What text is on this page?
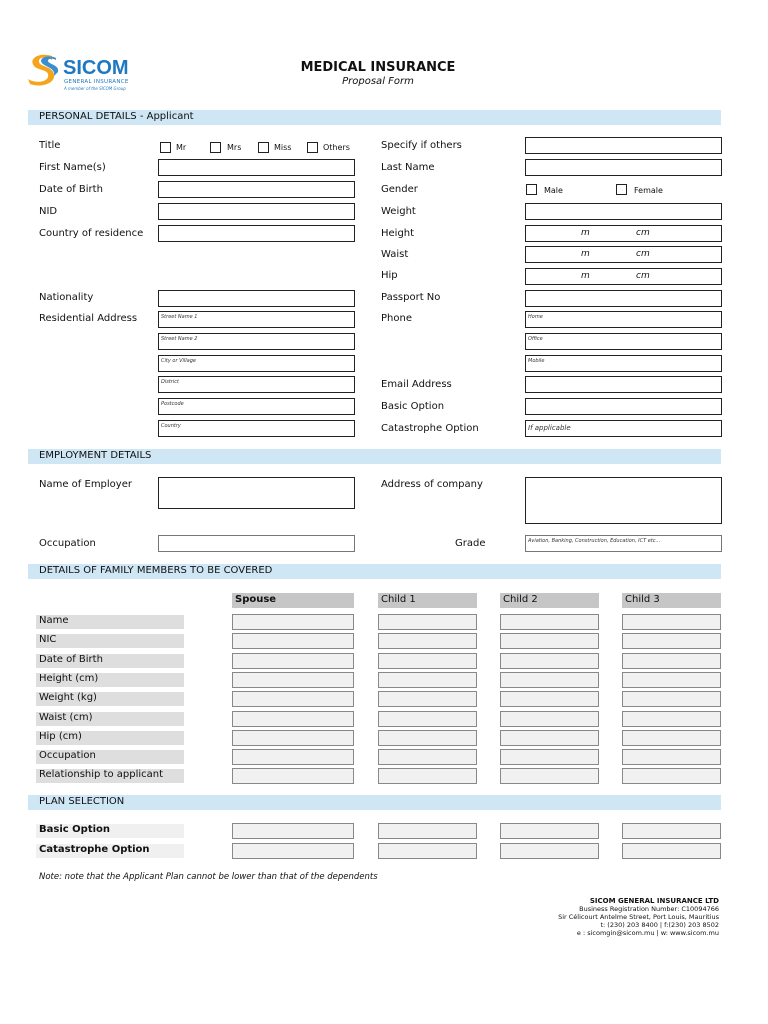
SICOM
GENERAL INSURANCE
A member of the SICOM Group
MEDICAL INSURANCE
Proposal Form
PERSONAL DETAILS - Applicant
Title	Mr	Mrs	Miss	Others
First Name(s)
Date of Birth
NID
Country of residence
Nationality
Residential Address	Street Name 1
Street Name 2
City or Village
District
Postcode
Country
Specify if others
Last Name
Gender	Male	Female
Weight
Height	m	cm
Waist	m	cm
Hip	m	cm
Passport No
Phone	Home
Office
Mobile
Email Address
Basic Option
Catastrophe Option	If applicable
EMPLOYMENT DETAILS
Name of Employer	Address of company
Occupation	Grade	Aviation, Banking, Construction, Education, ICT etc...
DETAILS OF FAMILY MEMBERS TO BE COVERED
Spouse	Child 1	Child 2	Child 3
Name
NIC
Date of Birth
Height (cm)
Weight (kg)
Waist (cm)
Hip (cm)
Occupation
Relationship to applicant
PLAN SELECTION
Basic Option
Catastrophe Option
Note: note that the Applicant Plan cannot be lower than that of the dependents
SICOM GENERAL INSURANCE LTD
Business Registration Number: C10094766
Sir Célicourt Antelme Street, Port Louis, Mauritius
t: (230) 203 8400 | f:(230) 203 8502
e : sicomgin@sicom.mu | w: www.sicom.mu
